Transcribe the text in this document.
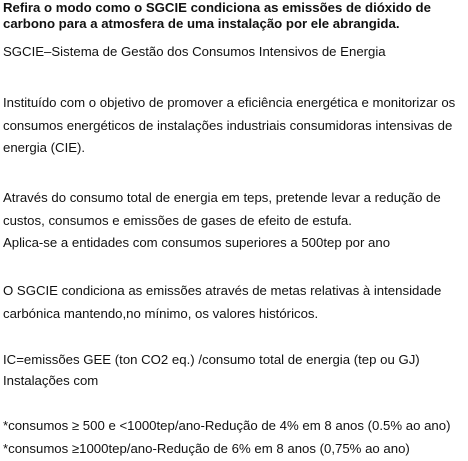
Refira o modo como o SGCIE condiciona as emissões de dióxido de carbono para a atmosfera de uma instalação por ele abrangida.

SGCIE–Sistema de Gestão dos Consumos Intensivos de Energia

Instituído com o objetivo de promover a eficiência energética e monitorizar os consumos energéticos de instalações industriais consumidoras intensivas de energia (CIE).

Através do consumo total de energia em teps, pretende levar a redução de custos, consumos e emissões de gases de efeito de estufa.

Aplica-se a entidades com consumos superiores a 500tep por ano

O SGCIE condiciona as emissões através de metas relativas à intensidade carbónica mantendo,no mínimo, os valores históricos.

IC=emissões GEE (ton CO2 eq.) /consumo total de energia (tep ou GJ)

Instalações com

*consumos ≥ 500 e <1000tep/ano-Redução de 4% em 8 anos (0.5% ao ano)

*consumos ≥1000tep/ano-Redução de 6% em 8 anos (0,75% ao ano)
